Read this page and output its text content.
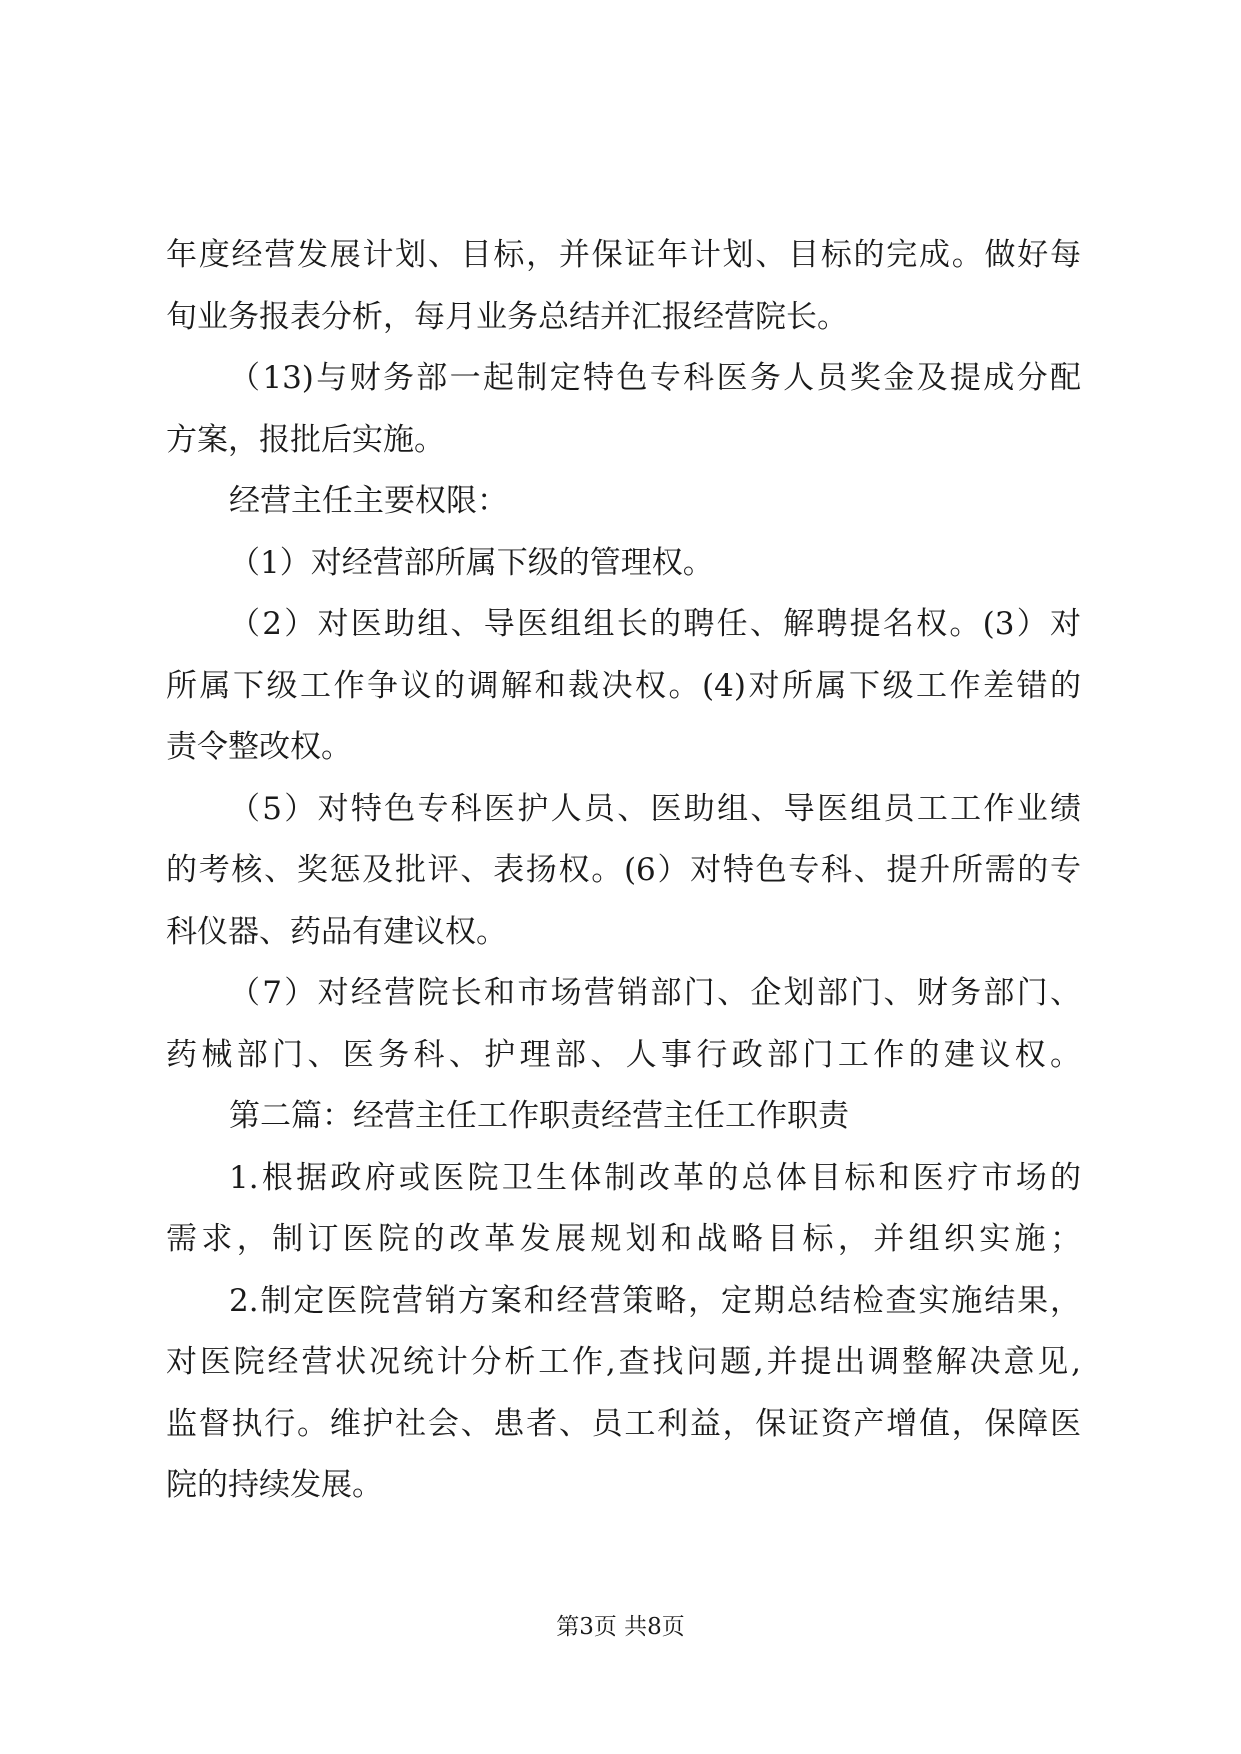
年度经营发展计划、目标，并保证年计划、目标的完成。做好每
旬业务报表分析，每月业务总结并汇报经营院长。
（13)与财务部一起制定特色专科医务人员奖金及提成分配
方案，报批后实施。
经营主任主要权限：
（1）对经营部所属下级的管理权。
（2）对医助组、导医组组长的聘任、解聘提名权。(3）对
所属下级工作争议的调解和裁决权。(4)对所属下级工作差错的
责令整改权。
（5）对特色专科医护人员、医助组、导医组员工工作业绩
的考核、奖惩及批评、表扬权。(6）对特色专科、提升所需的专
科仪器、药品有建议权。
（7）对经营院长和市场营销部门、企划部门、财务部门、
药械部门、医务科、护理部、人事行政部门工作的建议权。
第二篇：经营主任工作职责经营主任工作职责
1.根据政府或医院卫生体制改革的总体目标和医疗市场的
需求，制订医院的改革发展规划和战略目标，并组织实施；
2.制定医院营销方案和经营策略，定期总结检查实施结果，
对医院经营状况统计分析工作,查找问题,并提出调整解决意见,
监督执行。维护社会、患者、员工利益，保证资产增值，保障医
院的持续发展。
第3页 共8页
